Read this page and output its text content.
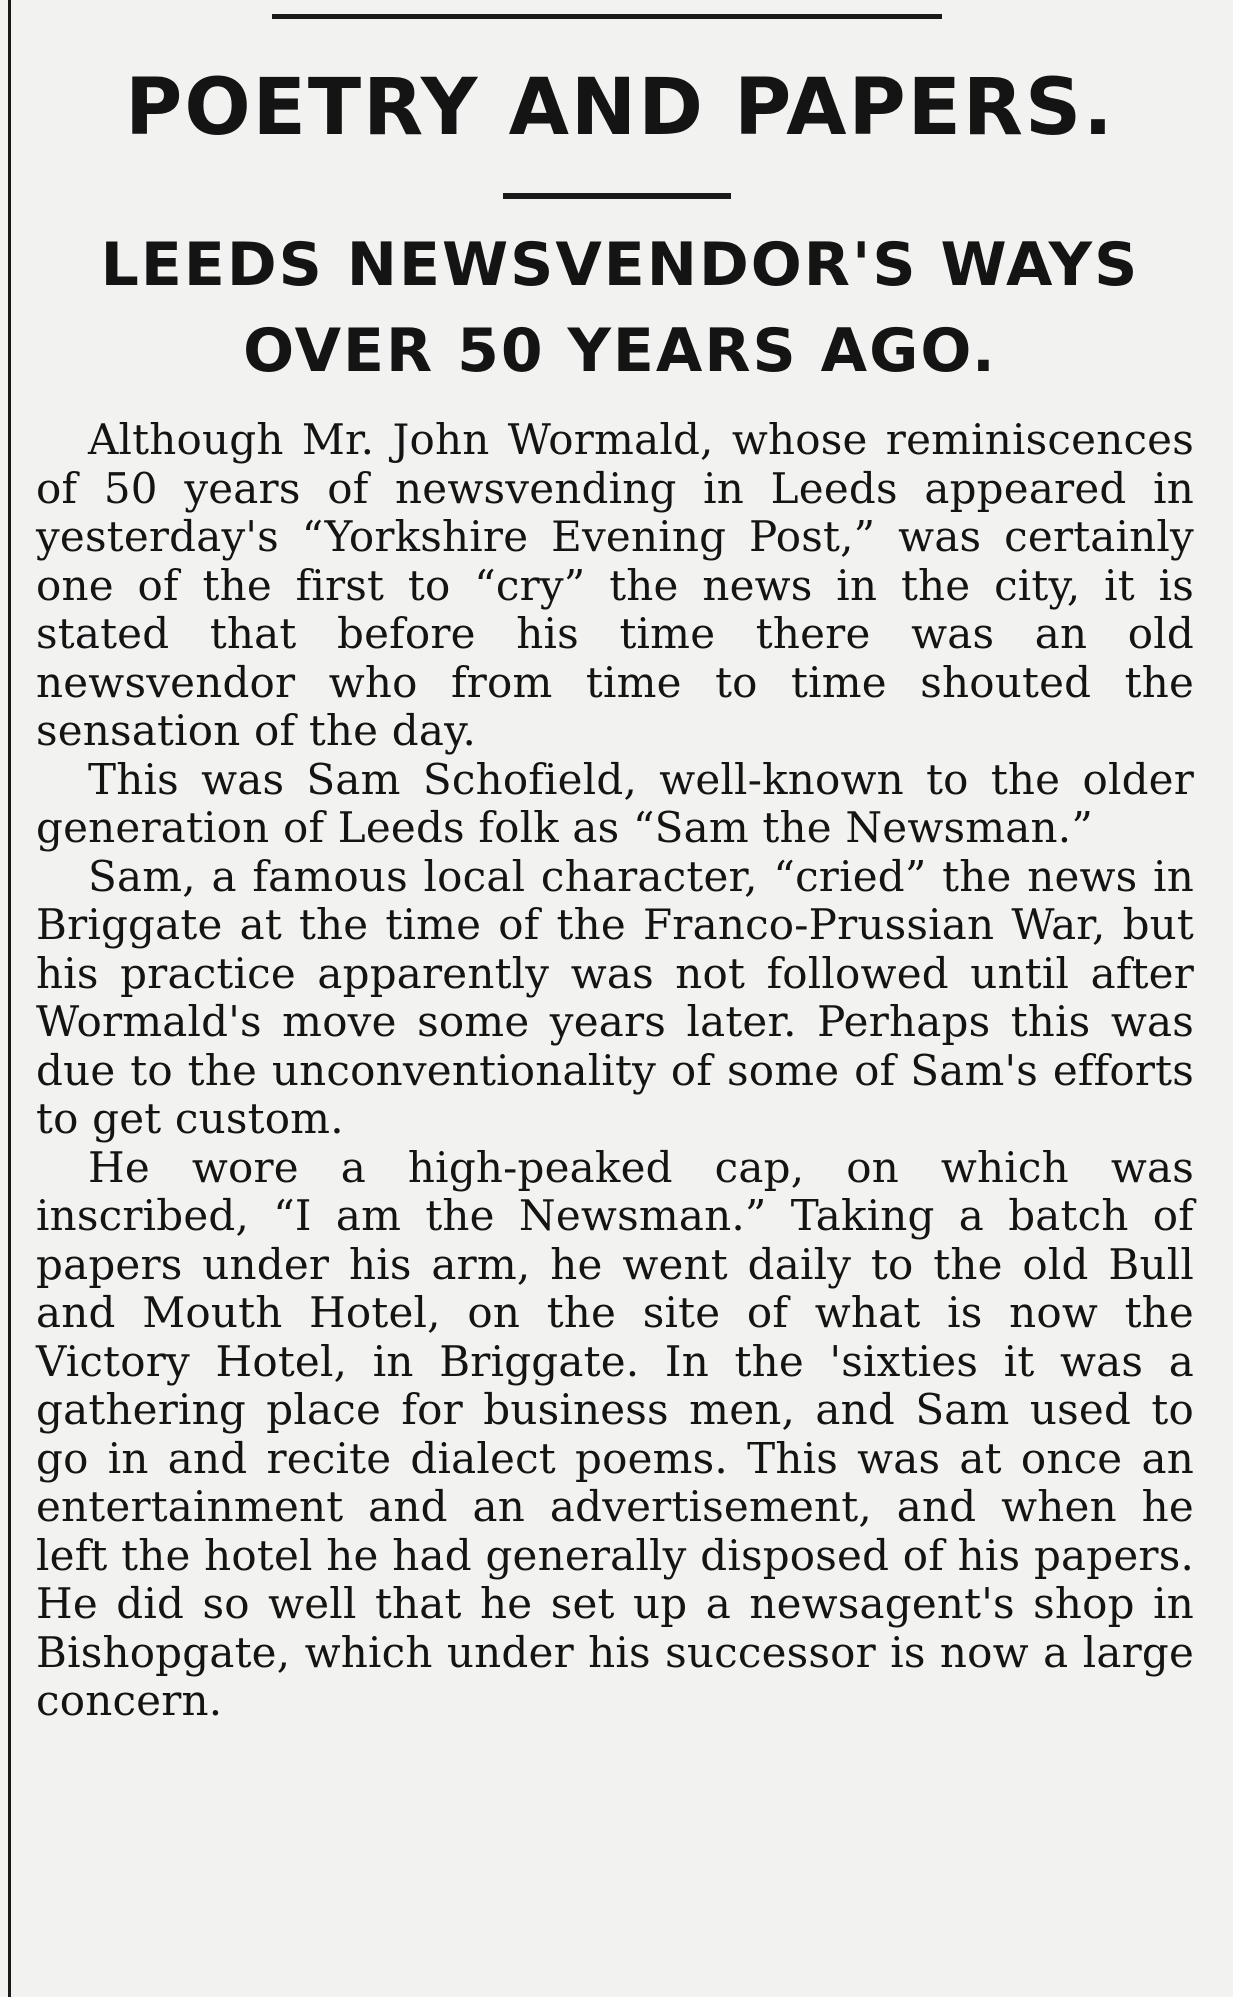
POETRY AND PAPERS.
LEEDS NEWSVENDOR'S WAYS
OVER 50 YEARS AGO.

Although Mr. John Wormald, whose reminiscences of 50 years of newsvending in Leeds appeared in yesterday's “Yorkshire Evening Post,” was certainly one of the first to “cry” the news in the city, it is stated that before his time there was an old newsvendor who from time to time shouted the sensation of the day.

This was Sam Schofield, well-known to the older generation of Leeds folk as “Sam the Newsman.”

Sam, a famous local character, “cried” the news in Briggate at the time of the Franco-Prussian War, but his practice apparently was not followed until after Wormald's move some years later. Perhaps this was due to the unconventionality of some of Sam's efforts to get custom.

He wore a high-peaked cap, on which was inscribed, “I am the Newsman.” Taking a batch of papers under his arm, he went daily to the old Bull and Mouth Hotel, on the site of what is now the Victory Hotel, in Briggate. In the 'sixties it was a gathering place for business men, and Sam used to go in and recite dialect poems. This was at once an entertainment and an advertisement, and when he left the hotel he had generally disposed of his papers. He did so well that he set up a newsagent's shop in Bishopgate, which under his successor is now a large concern.
